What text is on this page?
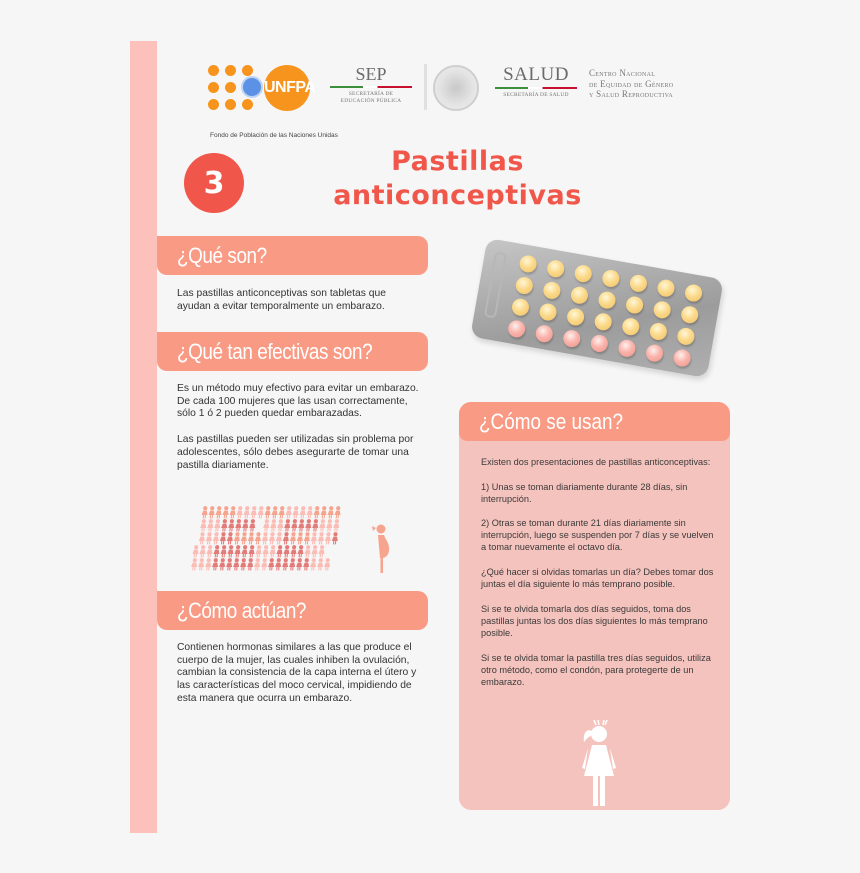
UNFPA
SEP
SECRETARÍA DE
EDUCACIÓN PÚBLICA
SALUD
SECRETARÍA DE SALUD
Centro Nacional
de Equidad de Género
y Salud Reproductiva
Fondo de Población de las Naciones Unidas
3
Pastillas
anticonceptivas
¿Qué son?

Las pastillas anticonceptivas son tabletas que ayudan a evitar temporalmente un embarazo.

¿Qué tan efectivas son?

Es un método muy efectivo para evitar un embarazo. De cada 100 mujeres que las usan correctamente, sólo 1 ó 2 pueden quedar embarazadas.

Las pastillas pueden ser utilizadas sin problema por adolescentes, sólo debes asegurarte de tomar una pastilla diariamente.

¿Cómo actúan?

Contienen hormonas similares a las que produce el cuerpo de la mujer, las cuales inhiben la ovulación, cambian la consistencia de la capa interna el útero y las características del moco cervical, impidiendo de esta manera que ocurra un embarazo.

¿Cómo se usan?

Existen dos presentaciones de pastillas anticonceptivas:

1) Unas se toman diariamente durante 28 días, sin interrupción.

2) Otras se toman durante 21 días diariamente sin interrupción, luego se suspenden por 7 días y se vuelven a tomar nuevamente el octavo día.

¿Qué hacer si olvidas tomarlas un día? Debes tomar dos juntas el día siguiente lo más temprano posible.

Si se te olvida tomarla dos días seguidos, toma dos pastillas juntas los dos días siguientes lo más temprano posible.

Si se te olvida tomar la pastilla tres días seguidos, utiliza otro método, como el condón, para protegerte de un embarazo.
